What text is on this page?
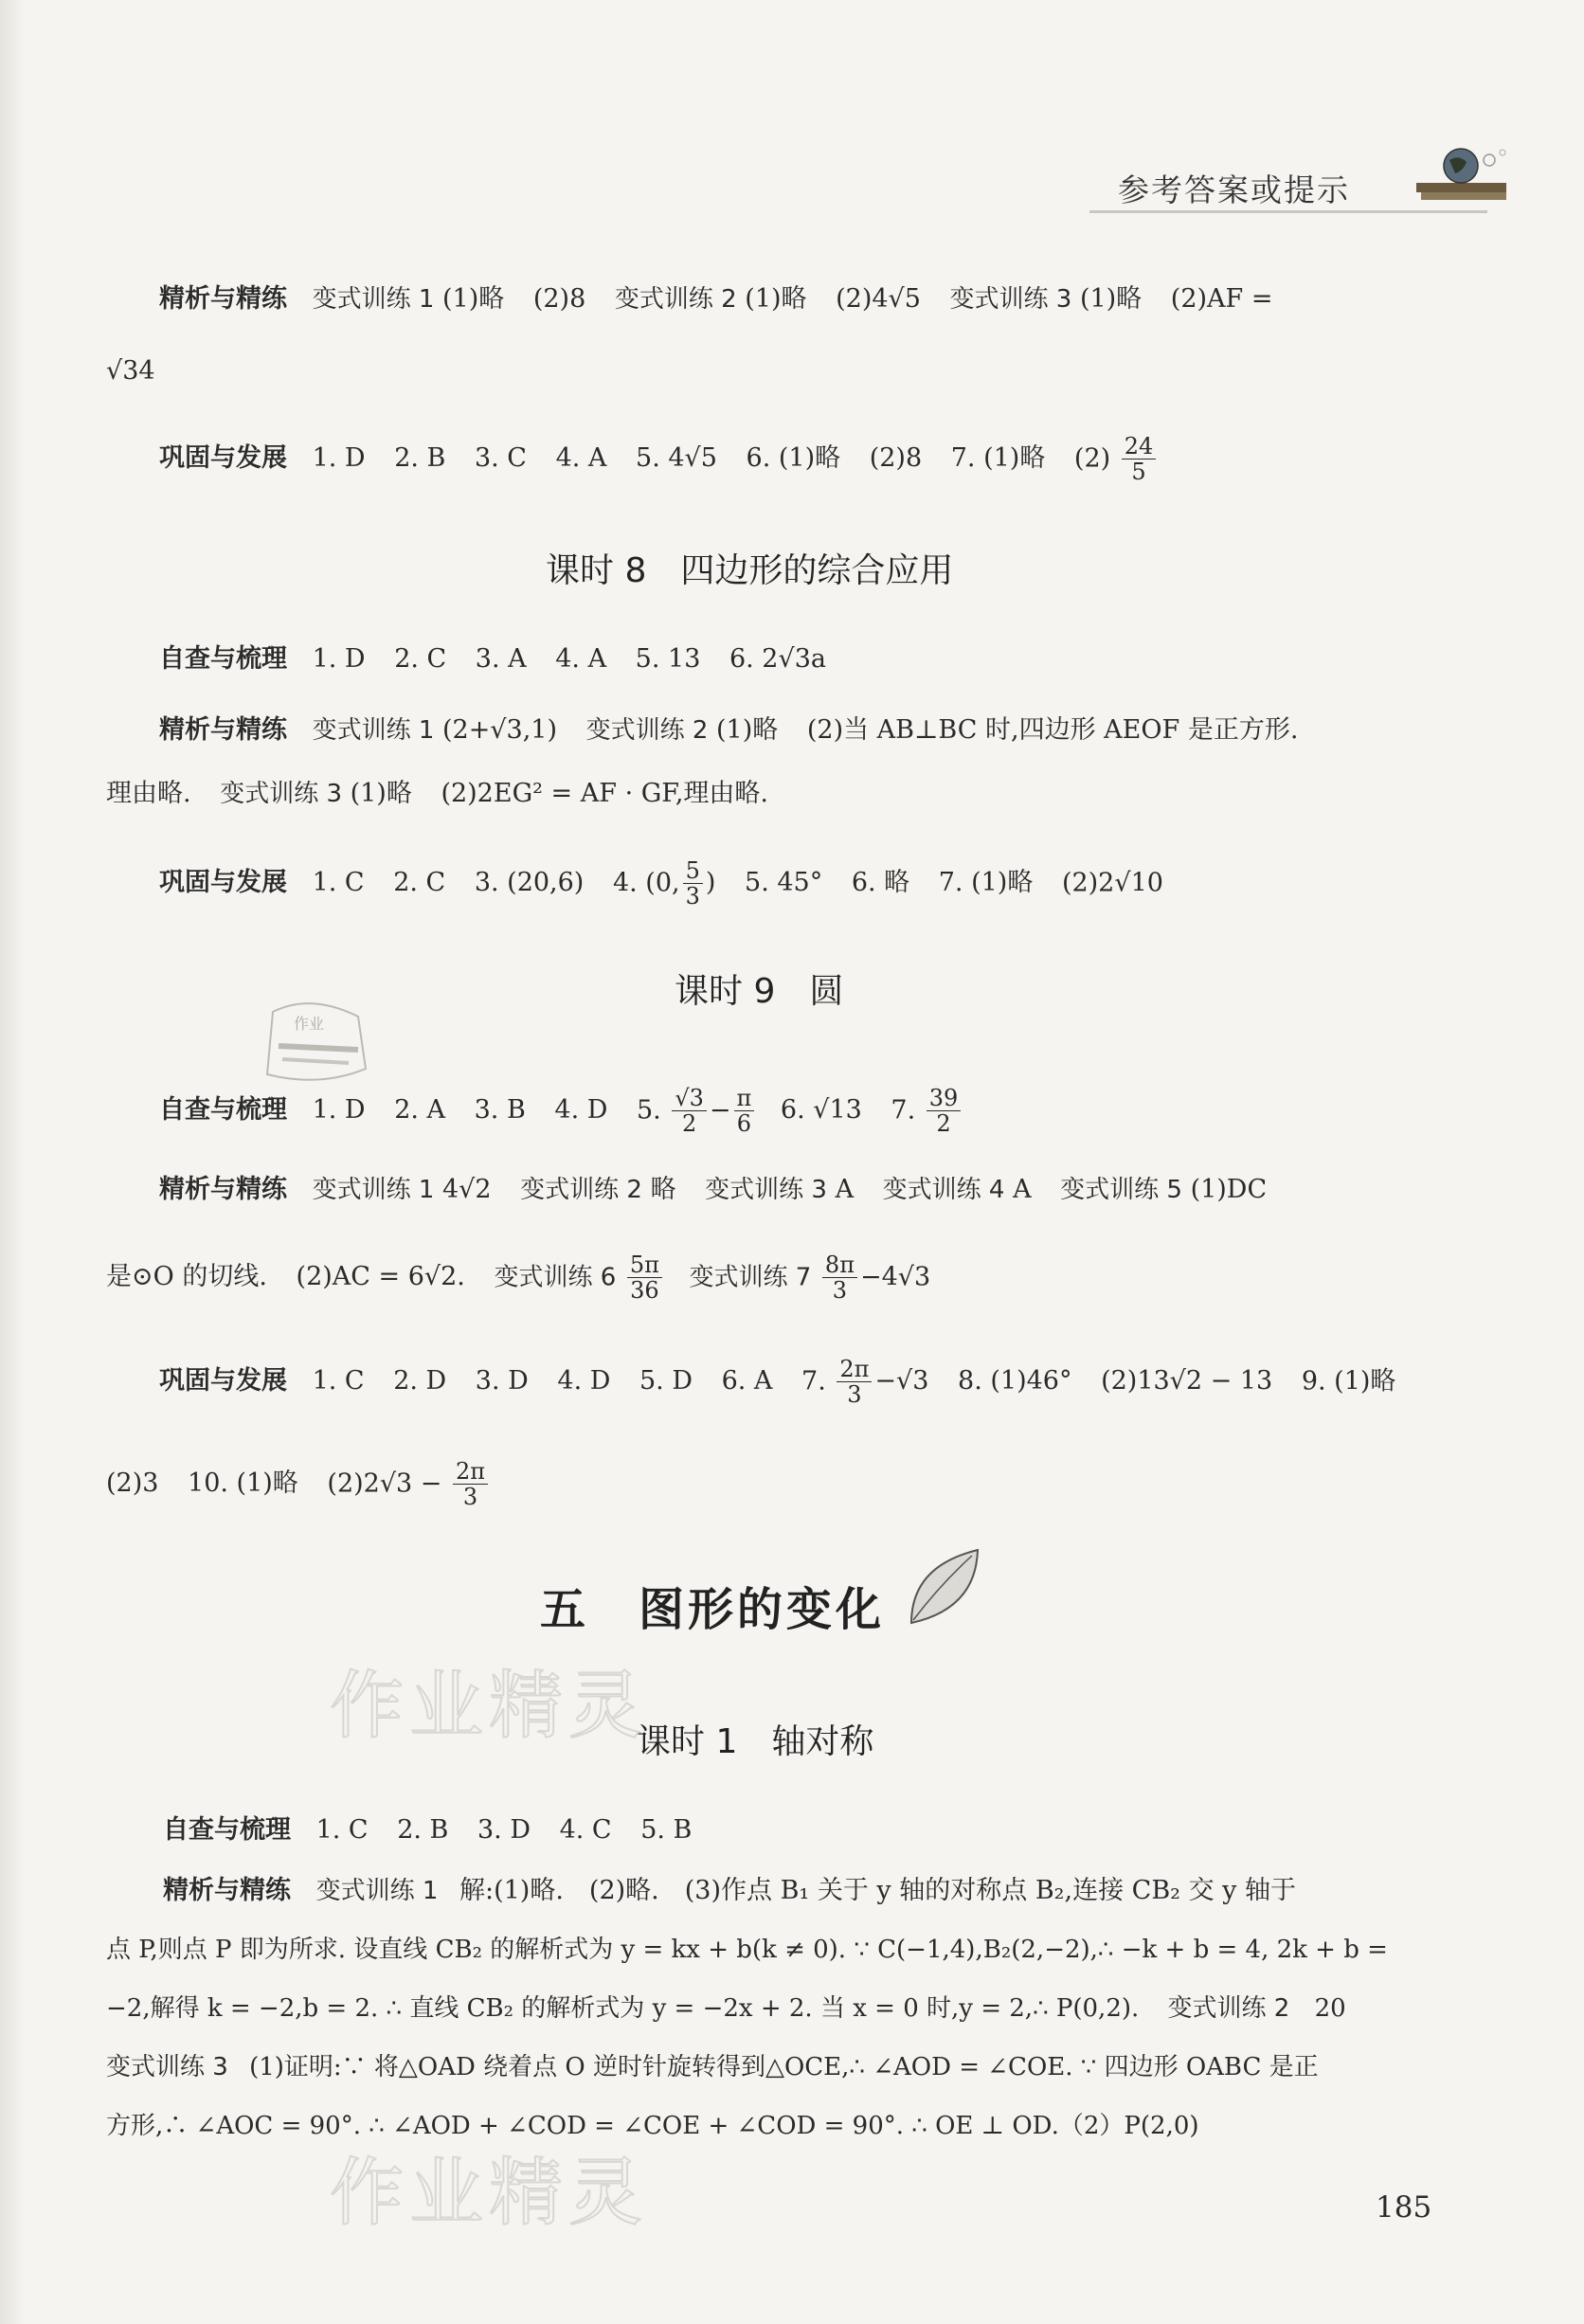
参考答案或提示
精析与精练 变式训练 1 (1)略 (2)8 变式训练 2 (1)略 (2)4√5 变式训练 3 (1)略 (2)AF =
√34
巩固与发展 1. D 2. B 3. C 4. A 5. 4√5 6. (1)略 (2)8 7. (1)略 $(2) \frac{24}{5}$
课时 8　四边形的综合应用
自查与梳理 1. D 2. C 3. A 4. A 5. 13 6. 2√3a
精析与精练 变式训练 1 (2+√3,1) 变式训练 2 (1)略 (2)当 AB⊥BC 时,四边形 AEOF 是正方形.
理由略. 变式训练 3 (1)略 (2)2EG² = AF · GF,理由略.
巩固与发展 1. C 2. C 3. (20,6) 4. (0, $\frac{5}{3}$ ) 5. 45° 6. 略 7. (1)略 (2)2√10
课时 9　圆
作业
自查与梳理 1. D 2. A 3. B 4. D 5. $\frac{√3}{2} - \frac{\pi}{6} 6$. √13 7. $\frac{39}{2}$
精析与精练 变式训练 1 4√2 变式训练 2 略 变式训练 3 A 变式训练 4 A 变式训练 5 (1)DC
是⊙O 的切线. (2)AC = 6√2. 变式训练 $6 \frac{5\pi}{36}$ 变式训练 $7 \frac{8\pi}{3} -4√3$
巩固与发展 1. C 2. D 3. D 4. D 5. D 6. A 7. $\frac{2\pi}{3} -√3$ 8. (1)46° (2)13√2 − 13 9. (1)略
(2)3 10. (1)略 $(2)2√3 - \frac{2\pi}{3}$
五　图形的变化
作业精灵
课时 1　轴对称
自查与梳理 1. C 2. B 3. D 4. C 5. B
精析与精练 变式训练 1 解:(1)略.　(2)略.　(3)作点 B₁ 关于 y 轴的对称点 B₂,连接 CB₂ 交 y 轴于
点 P,则点 P 即为所求. 设直线 CB₂ 的解析式为 y = kx + b(k ≠ 0). ∵ C(−1,4),B₂(2,−2),∴ −k + b = 4, 2k + b =
−2,解得 k = −2,b = 2. ∴ 直线 CB₂ 的解析式为 y = −2x + 2. 当 x = 0 时,y = 2,∴ P(0,2). 变式训练 2 20
变式训练 3 (1)证明:∵ 将△OAD 绕着点 O 逆时针旋转得到△OCE,∴ ∠AOD = ∠COE. ∵ 四边形 OABC 是正
方形,∴ ∠AOC = 90°. ∴ ∠AOD + ∠COD = ∠COE + ∠COD = 90°. ∴ OE ⊥ OD.（2）P(2,0)
作业精灵	185
